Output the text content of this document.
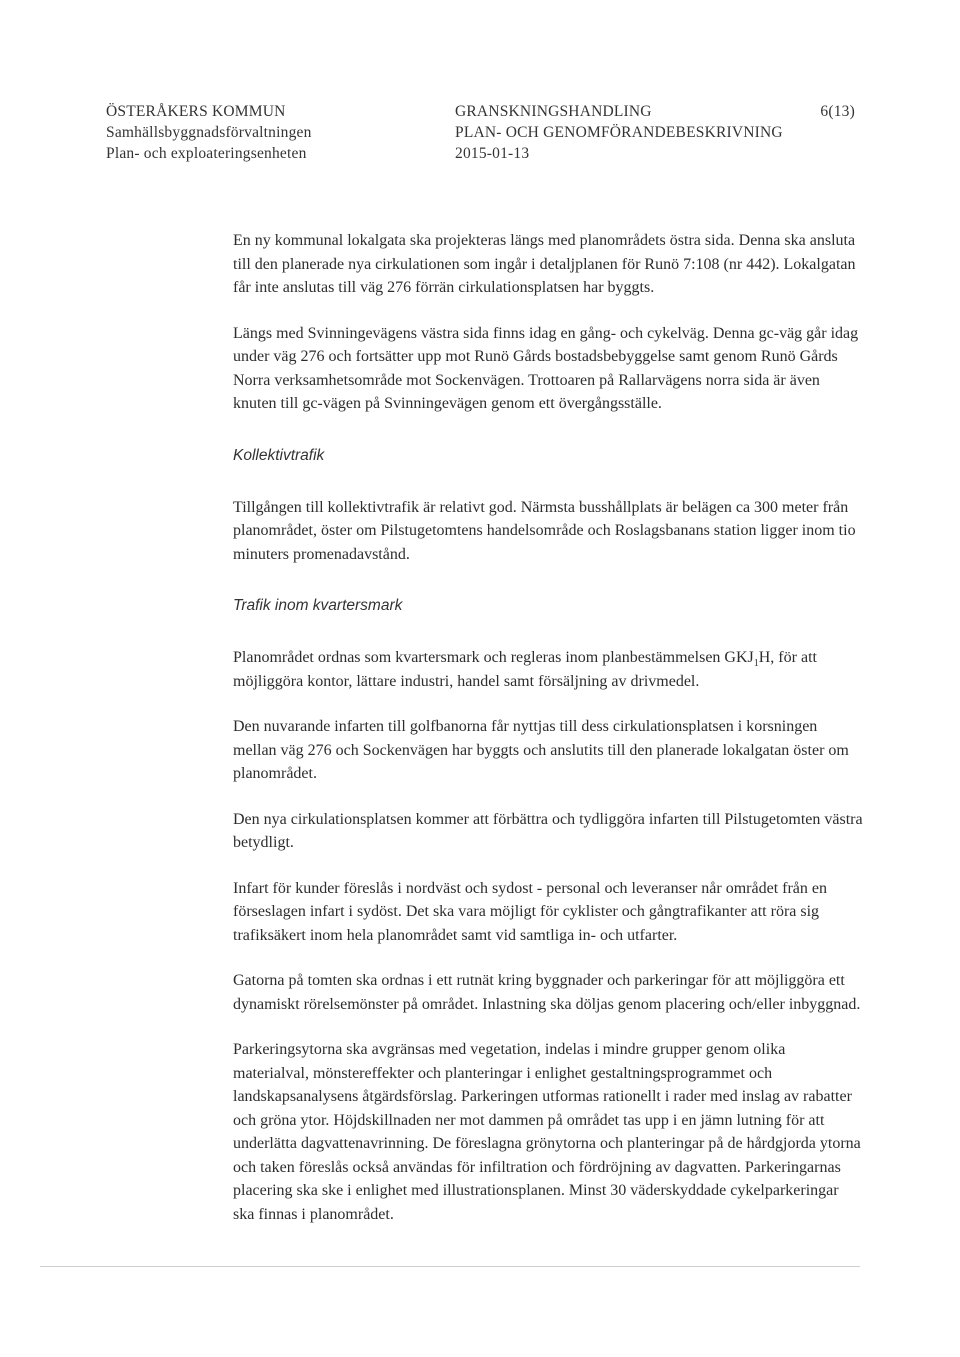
ÖSTERÅKERS KOMMUN
Samhällsbyggnadsförvaltningen
Plan- och exploateringsenheten
GRANSKNINGSHANDLING	6(13)
PLAN- OCH GENOMFÖRANDEBESKRIVNING
2015-01-13

En ny kommunal lokalgata ska projekteras längs med planområdets östra sida. Denna ska ansluta till den planerade nya cirkulationen som ingår i detaljplanen för Runö 7:108 (nr 442). Lokalgatan får inte anslutas till väg 276 förrän cirkulationsplatsen har byggts.

Längs med Svinningevägens västra sida finns idag en gång- och cykelväg. Denna gc-väg går idag under väg 276 och fortsätter upp mot Runö Gårds bostadsbebyggelse samt genom Runö Gårds Norra verksamhetsområde mot Sockenvägen. Trottoaren på Rallarvägens norra sida är även knuten till gc-vägen på Svinningevägen genom ett övergångsställe.

Kollektivtrafik

Tillgången till kollektivtrafik är relativt god. Närmsta busshållplats är belägen ca 300 meter från planområdet, öster om Pilstugetomtens handelsområde och Roslagsbanans station ligger inom tio minuters promenadavstånd.

Trafik inom kvartersmark

Planområdet ordnas som kvartersmark och regleras inom planbestämmelsen $GKJ_1H$, för att möjliggöra kontor, lättare industri, handel samt försäljning av drivmedel.

Den nuvarande infarten till golfbanorna får nyttjas till dess cirkulationsplatsen i korsningen mellan väg 276 och Sockenvägen har byggts och anslutits till den planerade lokalgatan öster om planområdet.

Den nya cirkulationsplatsen kommer att förbättra och tydliggöra infarten till Pilstugetomten västra betydligt.

Infart för kunder föreslås i nordväst och sydost - personal och leveranser når området från en förseslagen infart i sydöst. Det ska vara möjligt för cyklister och gångtrafikanter att röra sig trafiksäkert inom hela planområdet samt vid samtliga in- och utfarter.

Gatorna på tomten ska ordnas i ett rutnät kring byggnader och parkeringar för att möjliggöra ett dynamiskt rörelsemönster på området. Inlastning ska döljas genom placering och/eller inbyggnad.

Parkeringsytorna ska avgränsas med vegetation, indelas i mindre grupper genom olika materialval, mönstereffekter och planteringar i enlighet gestaltningsprogrammet och landskapsanalysens åtgärdsförslag. Parkeringen utformas rationellt i rader med inslag av rabatter och gröna ytor. Höjdskillnaden ner mot dammen på området tas upp i en jämn lutning för att underlätta dagvattenavrinning. De föreslagna grönytorna och planteringar på de hårdgjorda ytorna och taken föreslås också användas för infiltration och fördröjning av dagvatten. Parkeringarnas placering ska ske i enlighet med illustrationsplanen. Minst 30 väderskyddade cykelparkeringar ska finnas i planområdet.
